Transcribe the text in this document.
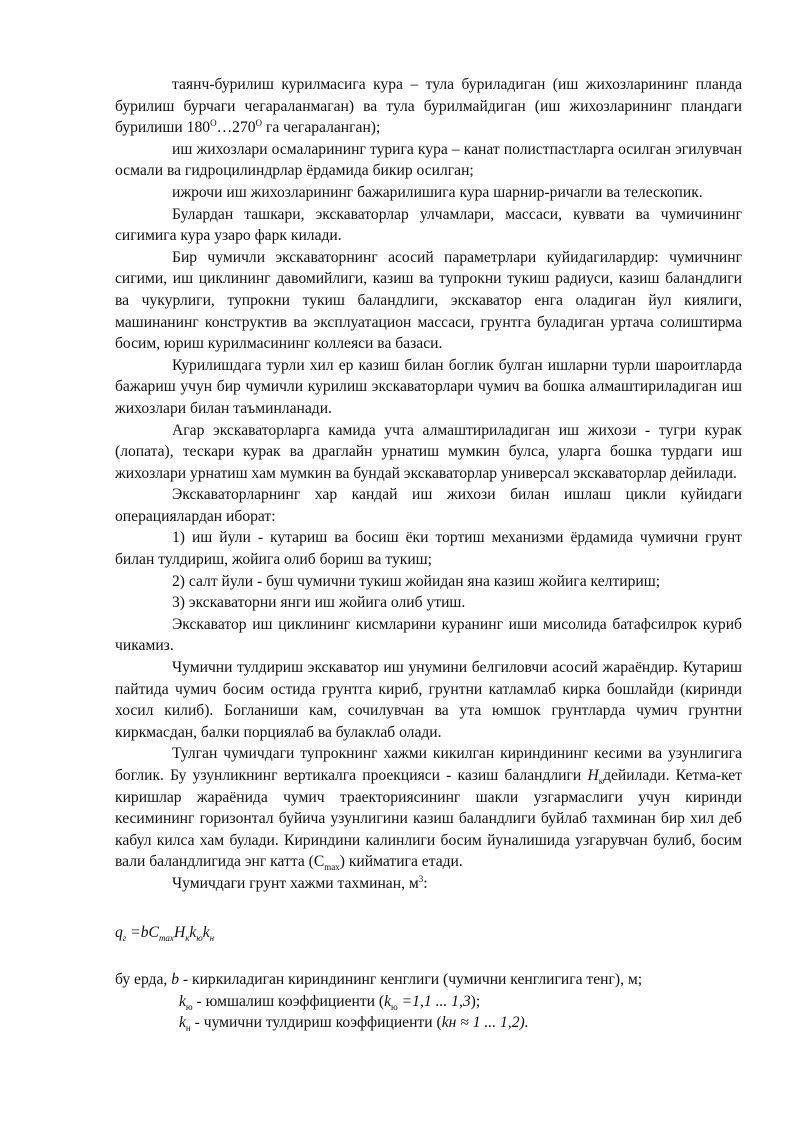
таянч-бурилиш курилмасига кура – тула буриладиган (иш жихозларининг планда бурилиш бурчаги чегараланмаган) ва тула бурилмайдиган (иш жихозларининг пландаги бурилиши $180^O\dots 270^O$ га чегараланган);

иш жихозлари осмаларининг турига кура – канат полистпастларга осилган эгилувчан осмали ва гидроцилиндрлар ёрдамида бикир осилган;

ижрочи иш жихозларининг бажарилишига кура шарнир-ричагли ва телескопик.

Булардан ташкари, экскаваторлар улчамлари, массаси, куввати ва чумичининг сигимига кура узаро фарк килади.

Бир чумичли экскаваторнинг асосий параметрлари куйидагилардир: чумичнинг сигими, иш циклининг давомийлиги, казиш ва тупрокни тукиш радиуси, казиш баландлиги ва чукурлиги, тупрокни тукиш баландлиги, экскаватор енга оладиган йул киялиги, машинанинг конструктив ва эксплуатацион массаси, грунтга буладиган уртача солиштирма босим, юриш курилмасининг коллеяси ва базаси.

Курилишдага турли хил ер казиш билан боглик булган ишларни турли шароитларда бажариш учун бир чумичли курилиш экскаваторлари чумич ва бошка алмаштириладиган иш жихозлари билан таъминланади.

Агар экскаваторларга камида учта алмаштириладиган иш жихози - тугри курак (лопата), тескари курак ва драглайн урнатиш мумкин булса, уларга бошка турдаги иш жихозлари урнатиш хам мумкин ва бундай экскаваторлар универсал экскаваторлар дейилади.

Экскаваторларнинг хар кандай иш жихози билан ишлаш цикли куйидаги операциялардан иборат:

1) иш йули - кутариш ва босиш ёки тортиш механизми ёрдамида чумични грунт билан тулдириш, жойига олиб бориш ва тукиш;

2) салт йули - буш чумични тукиш жойидан яна казиш жойига келтириш;

3) экскаваторни янги иш жойига олиб утиш.

Экскаватор иш циклининг кисмларини куранинг иши мисолида батафсилрок куриб чикамиз.

Чумични тулдириш экскаватор иш унумини белгиловчи асосий жараёндир. Кутариш пайтида чумич босим остида грунтга кириб, грунтни катламлаб кирка бошлайди (киринди хосил килиб). Богланиши кам, сочилувчан ва ута юмшок грунтларда чумич грунтни киркмасдан, балки порциялаб ва булаклаб олади.

Тулган чумичдаги тупрокнинг хажми кикилган кириндининг кесими ва узунлигига боглик. Бу узунликнинг вертикалга проекцияси - казиш баландлиги $Н_кдейилади$. Кетма-кет киришлар жараёнида чумич траекториясининг шакли узгармаслиги учун киринди кесимининг горизонтал буйича узунлигини казиш баландлиги буйлаб тахминан бир хил деб кабул килса хам булади. Кириндини калинлиги босим йуналишида узгарувчан булиб, босим вали баландлигида энг катта $(С_{max})$ кийматига етади.

Чумичдаги грунт хажми тахминан, $м^3$:

$q_г =bC_{max}H_кk_юk_н$

бу ерда, b - киркиладиган кириндининг кенглиги (чумични кенглигига тенг), м;

$k_ю$ - юмшалиш коэффициенти ($k_ю =1,1$ ... 1,3);

$k_н$ - чумични тулдириш коэффициенти (kн ≈ 1 ... 1,2).
